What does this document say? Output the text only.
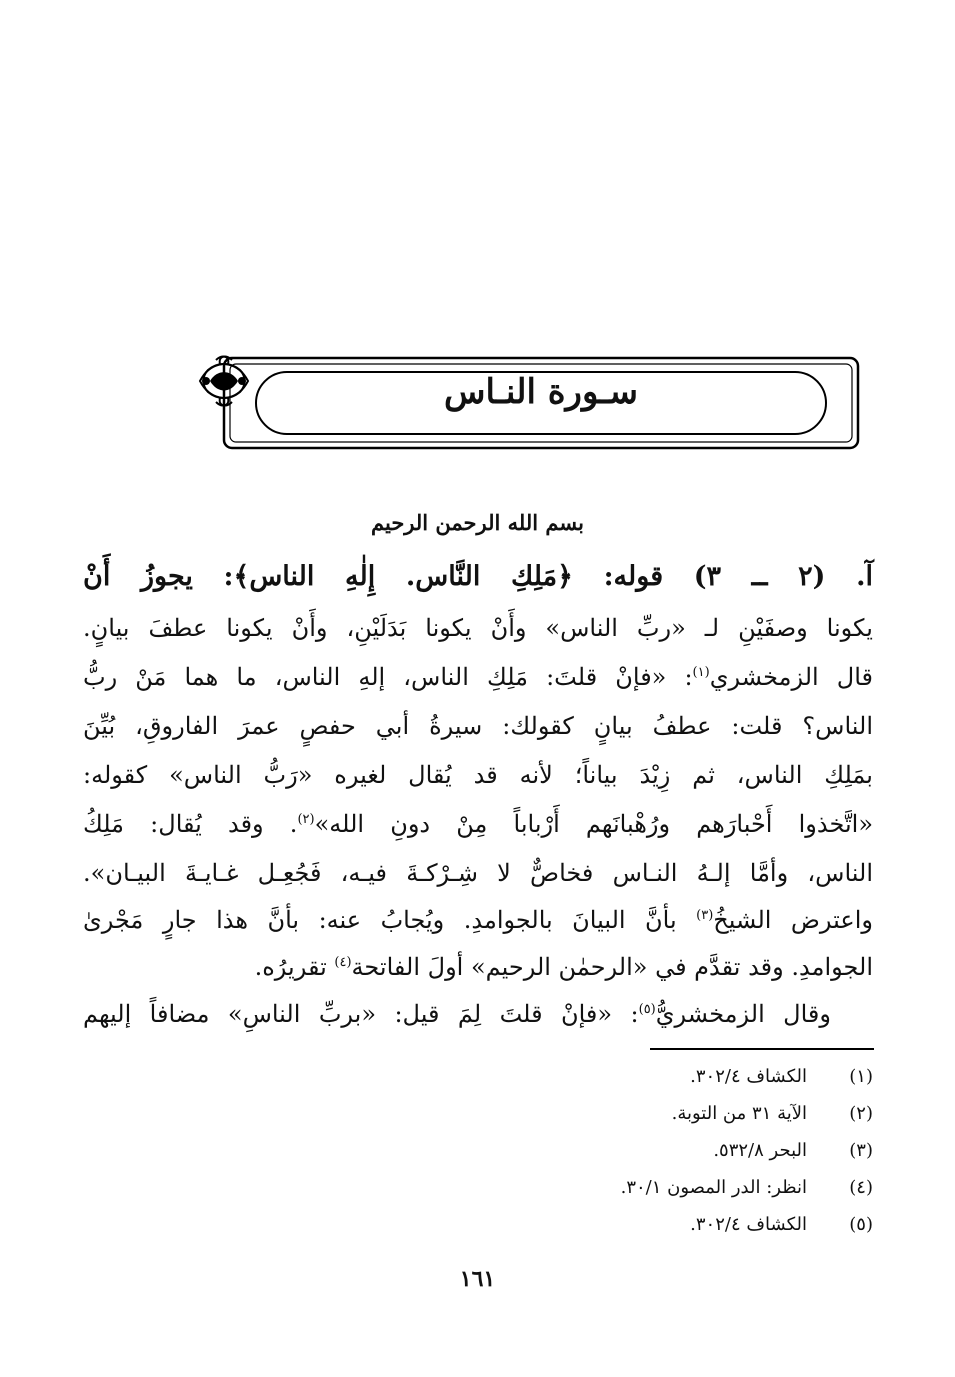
سـورة النـاس
بسم الله الرحمن الرحيم
آ. (٢ ــ ٣) قوله: ﴿مَلِكِ النَّاس. إِلٰهِ الناس﴾: يجوزُ أَنْ
يكونا وصفَيْنِ لـ «ربِّ الناس» وأَنْ يكونا بَدَلَيْنِ، وأَنْ يكونا عطفَ بيانٍ.
قال الزمخشري$^{(١)}$: «فإنْ قلتَ: مَلِكِ الناس، إلهِ الناس، ما هما مَنْ ربُّ
الناس؟ قلت: عطفُ بيانٍ كقولك: سيرةُ أبي حفصٍ عمرَ الفاروقِ، بُيِّنَ
بمَلِكِ الناس، ثم زِيْدَ بياناً؛ لأنه قد يُقال لغيره «رَبُّ الناس» كقوله:
«اتَّخذوا أَحْبارَهم ورُهْبانَهم أَرْباباً مِنْ دونِ الله»$^{(٢)}$. وقد يُقال: مَلِكُ
الناس، وأمَّا إلـهُ النـاس فخاصٌّ لا شِـرْكـةَ فيـه، فَجُعِـل غـايـةَ البيـان».
واعترض الشيخُ$^{(٣)}$ بأنَّ البيانَ بالجوامدِ. ويُجابُ عنه: بأنَّ هذا جارٍ مَجْرىٰ
الجوامدِ. وقد تقدَّم في «الرحمٰن الرحيم» أولَ الفاتحة$^{(٤)}$ تقريرُه.
وقال الزمخشريُّ$^{(٥)}$: «فإنْ قلتَ لِمَ قيل: «بربِّ الناسِ» مضافاً إليهم
(١)الكشاف ٣٠٢/٤.
(٢)الآية ٣١ من التوبة.
(٣)البحر ٥٣٢/٨.
(٤)انظر: الدر المصون ٣٠/١.
(٥)الكشاف ٣٠٢/٤.
١٦١
